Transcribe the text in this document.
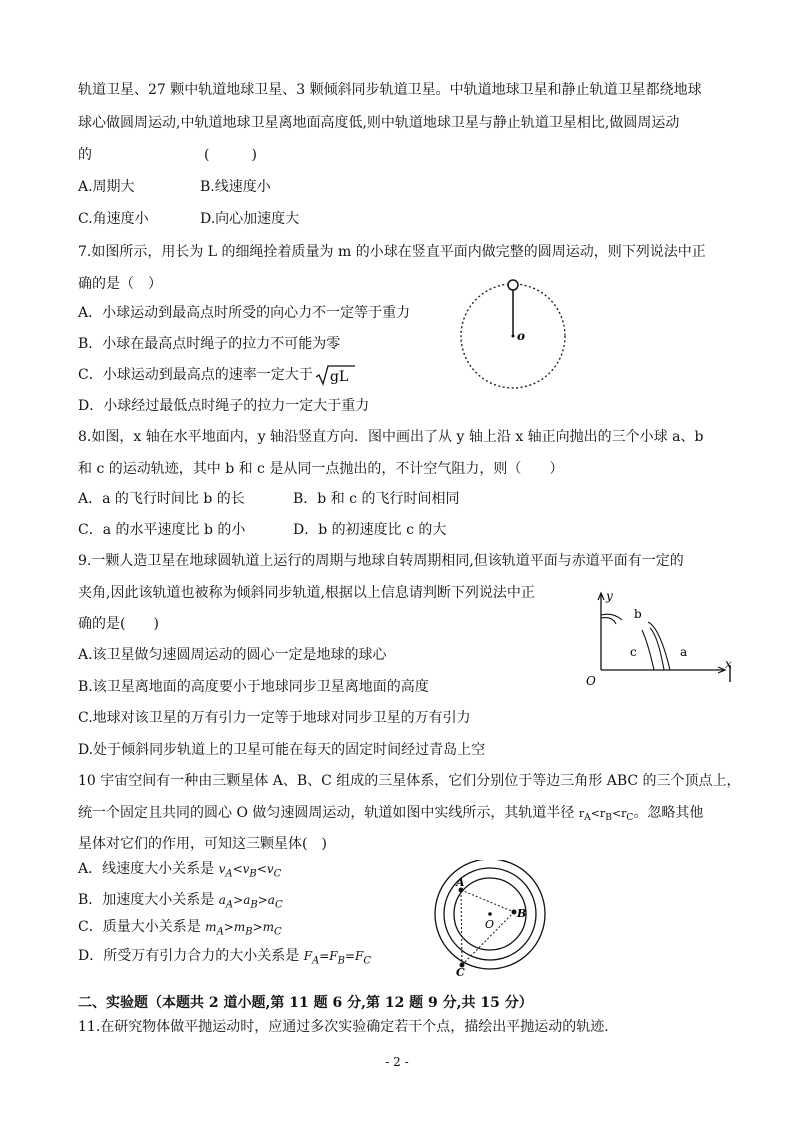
轨道卫星、27 颗中轨道地球卫星、3 颗倾斜同步轨道卫星。中轨道地球卫星和静止轨道卫星都绕地球
球心做圆周运动,中轨道地球卫星离地面高度低,则中轨道地球卫星与静止轨道卫星相比,做圆周运动
的	(　　　)
A.周期大	B.线速度小
C.角速度小	D.向心加速度大
7.如图所示，用长为 L 的细绳拴着质量为 m 的小球在竖直平面内做完整的圆周运动，则下列说法中正
确的是（　）
A．小球运动到最高点时所受的向心力不一定等于重力
B．小球在最高点时绳子的拉力不可能为零
C．小球运动到最高点的速率一定大于 gL
D．小球经过最低点时绳子的拉力一定大于重力
o
8.如图，x 轴在水平地面内，y 轴沿竖直方向．图中画出了从 y 轴上沿 x 轴正向抛出的三个小球 a、b
和 c 的运动轨迹，其中 b 和 c 是从同一点抛出的，不计空气阻力，则（　　）
A．a 的飞行时间比 b 的长	B．b 和 c 的飞行时间相同
C．a 的水平速度比 b 的小	D．b 的初速度比 c 的大
9.一颗人造卫星在地球圆轨道上运行的周期与地球自转周期相同,但该轨道平面与赤道平面有一定的
夹角,因此该轨道也被称为倾斜同步轨道,根据以上信息请判断下列说法中正
确的是(　　)
A.该卫星做匀速圆周运动的圆心一定是地球的球心
B.该卫星离地面的高度要小于地球同步卫星离地面的高度
C.地球对该卫星的万有引力一定等于地球对同步卫星的万有引力
D.处于倾斜同步轨道上的卫星可能在每天的固定时间经过青岛上空
y
x
O
b
c	a
10 宇宙空间有一种由三颗星体 A、B、C 组成的三星体系，它们分别位于等边三角形 ABC 的三个顶点上，
统一个固定且共同的圆心 O 做匀速圆周运动，轨道如图中实线所示，其轨道半径 $r_A<r_B<r_C$。忽略其他
星体对它们的作用，可知这三颗星体(　)
A．线速度大小关系是 $v_A<v_B<v_C$
B．加速度大小关系是 $a_A>a_B>a_C$
C．质量大小关系是 $m_A>m_B>m_C$
D．所受万有引力合力的大小关系是 $F_A=F_B=F_C$
A
B
C
O
二、实验题（本题共 2 道小题,第 11 题 6 分,第 12 题 9 分,共 15 分）
11.在研究物体做平抛运动时，应通过多次实验确定若干个点，描绘出平抛运动的轨迹.
- 2 -
